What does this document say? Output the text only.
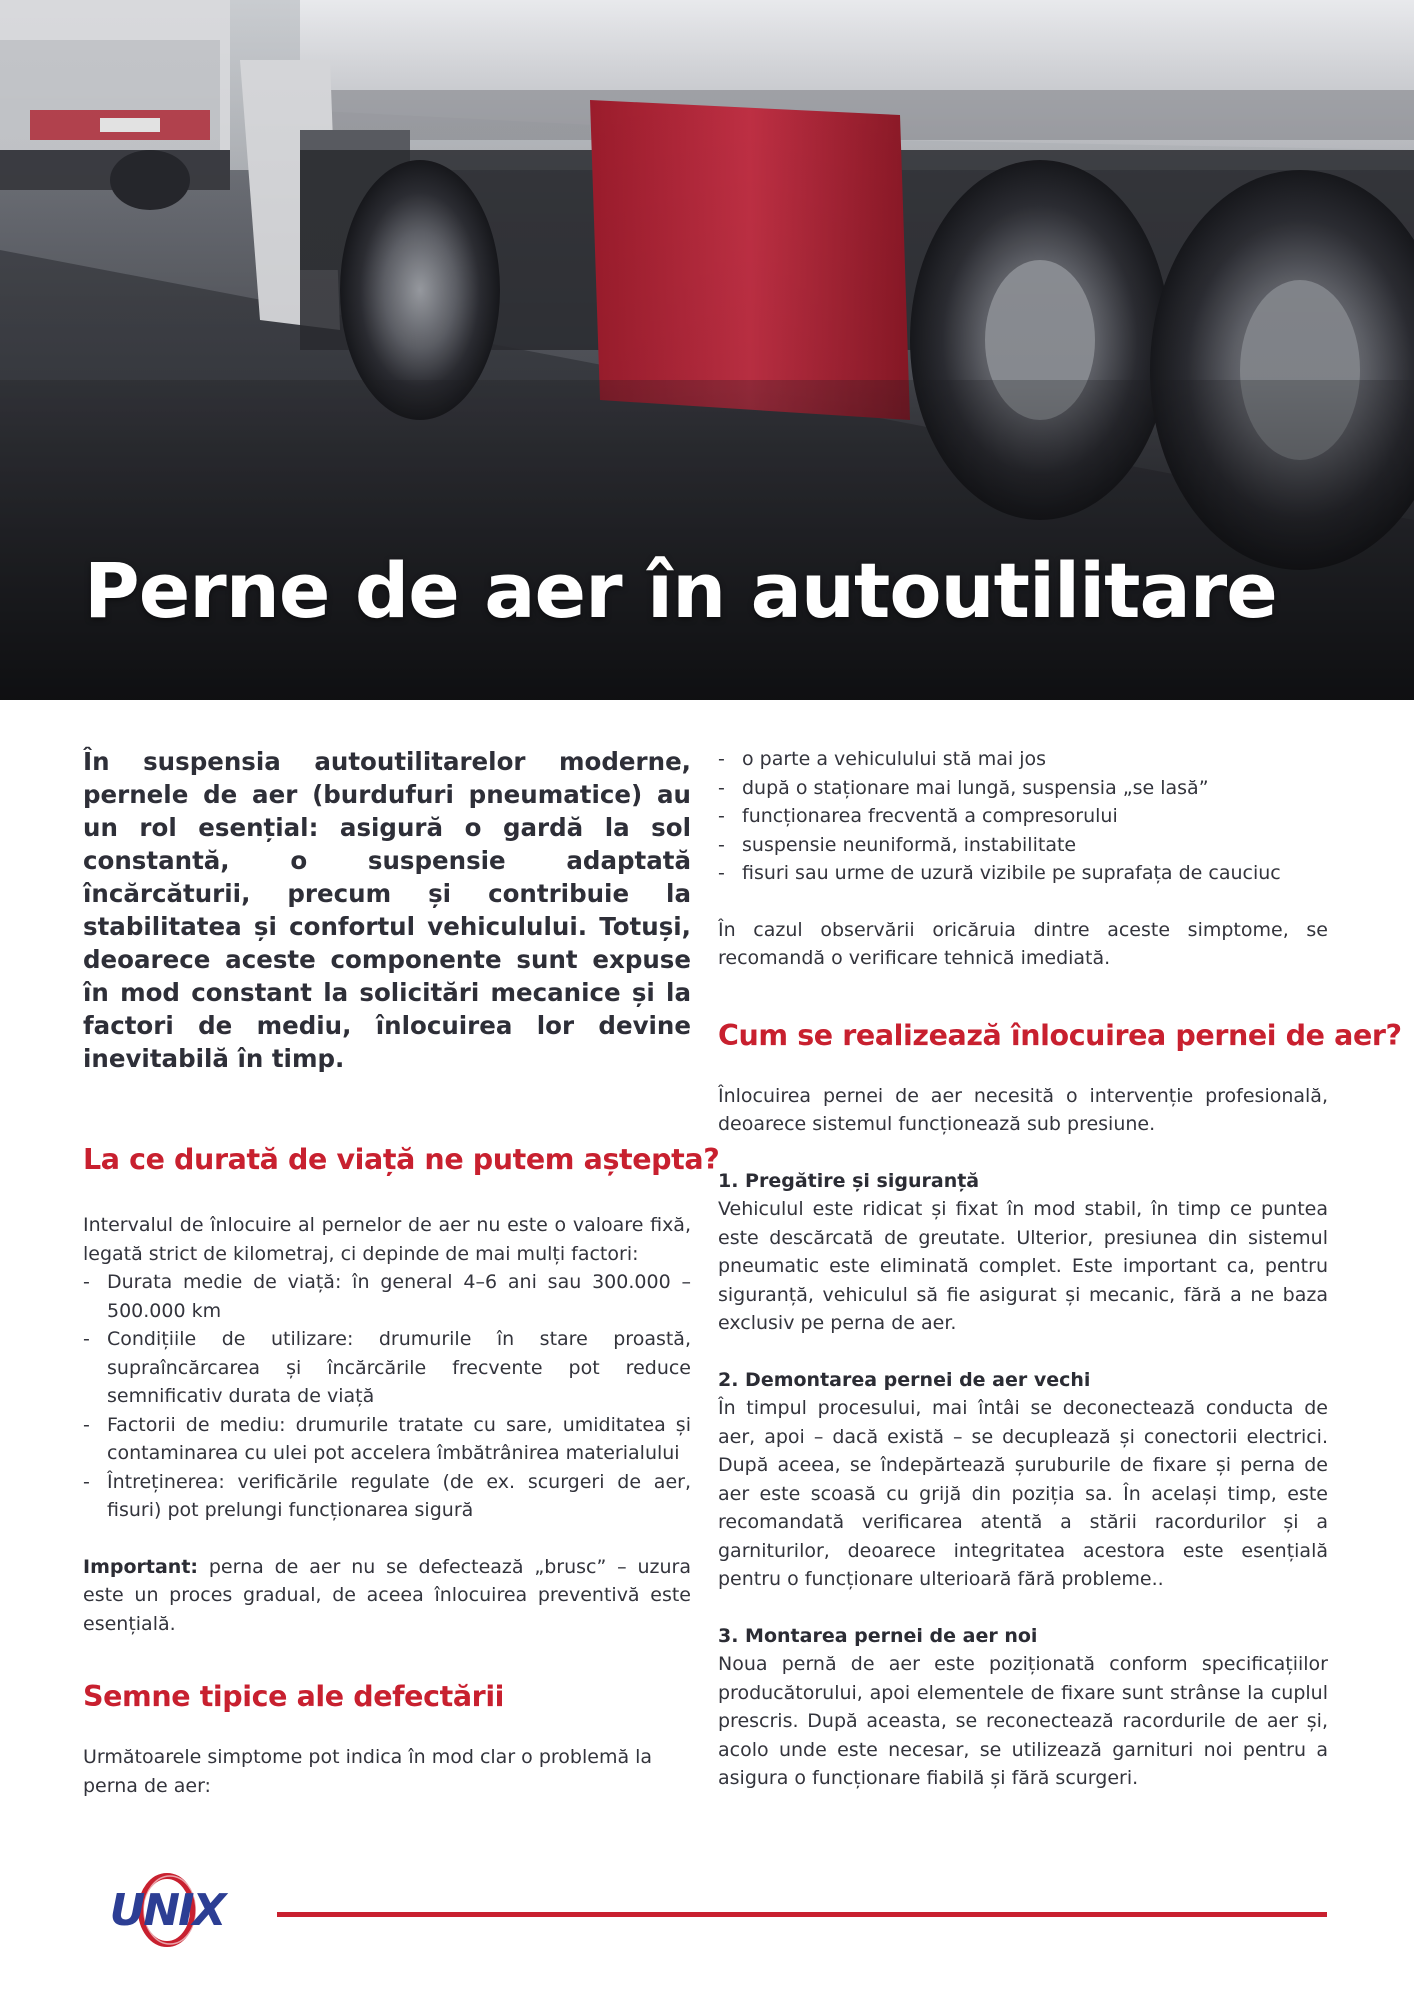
Perne de aer în autoutilitare

În suspensia autoutilitarelor moderne, pernele de aer (burdufuri pneumatice) au un rol esențial: asigură o gardă la sol constantă, o suspensie adaptată încărcăturii, precum și contribuie la stabilitatea și confortul vehiculului. Totuși, deoarece aceste componente sunt expuse în mod constant la solicitări mecanice și la factori de mediu, înlocuirea lor devine inevitabilă în timp.

La ce durată de viață ne putem aștepta?

Intervalul de înlocuire al pernelor de aer nu este o valoare fixă, legată strict de kilometraj, ci depinde de mai mulți factori:

- Durata medie de viață: în general 4–6 ani sau 300.000 – 500.000 km
- Condițiile de utilizare: drumurile în stare proastă, supraîncărcarea și încărcările frecvente pot reduce semnificativ durata de viață
- Factorii de mediu: drumurile tratate cu sare, umiditatea și contaminarea cu ulei pot accelera îmbătrânirea materialului
- Întreținerea: verificările regulate (de ex. scurgeri de aer, fisuri) pot prelungi funcționarea sigură

Important: perna de aer nu se defectează „brusc” – uzura este un proces gradual, de aceea înlocuirea preventivă este esențială.

Semne tipice ale defectării

Următoarele simptome pot indica în mod clar o problemă la perna de aer:

- o parte a vehiculului stă mai jos
- după o staționare mai lungă, suspensia „se lasă”
- funcționarea frecventă a compresorului
- suspensie neuniformă, instabilitate
- fisuri sau urme de uzură vizibile pe suprafața de cauciuc

În cazul observării oricăruia dintre aceste simptome, se recomandă o verificare tehnică imediată.

Cum se realizează înlocuirea pernei de aer?

Înlocuirea pernei de aer necesită o intervenție profesională, deoarece sistemul funcționează sub presiune.

1. Pregătire și siguranță

Vehiculul este ridicat și fixat în mod stabil, în timp ce puntea este descărcată de greutate. Ulterior, presiunea din sistemul pneumatic este eliminată complet. Este important ca, pentru siguranță, vehiculul să fie asigurat și mecanic, fără a ne baza exclusiv pe perna de aer.

2. Demontarea pernei de aer vechi

În timpul procesului, mai întâi se deconectează conducta de aer, apoi – dacă există – se decuplează și conectorii electrici. După aceea, se îndepărtează șuruburile de fixare și perna de aer este scoasă cu grijă din poziția sa. În același timp, este recomandată verificarea atentă a stării racordurilor și a garniturilor, deoarece integritatea acestora este esențială pentru o funcționare ulterioară fără probleme..

3. Montarea pernei de aer noi

Noua pernă de aer este poziționată conform specificațiilor producătorului, apoi elementele de fixare sunt strânse la cuplul prescris. După aceasta, se reconectează racordurile de aer și, acolo unde este necesar, se utilizează garnituri noi pentru a asigura o funcționare fiabilă și fără scurgeri.

UNIX
